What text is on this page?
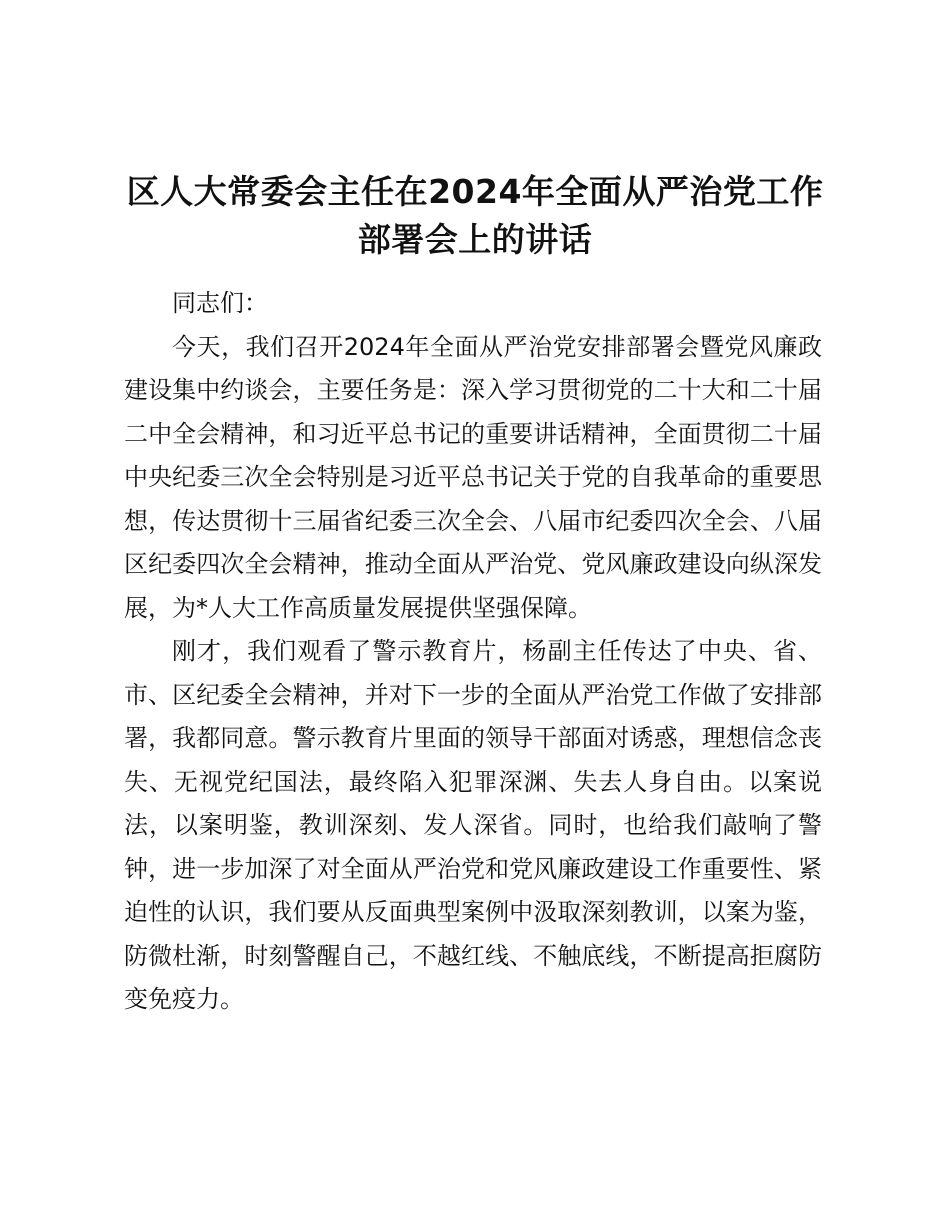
区人大常委会主任在2024年全面从严治党工作部署会上的讲话

同志们：

今天，我们召开2024年全面从严治党安排部署会暨党风廉政建设集中约谈会，主要任务是：深入学习贯彻党的二十大和二十届二中全会精神，和习近平总书记的重要讲话精神，全面贯彻二十届中央纪委三次全会特别是习近平总书记关于党的自我革命的重要思想，传达贯彻十三届省纪委三次全会、八届市纪委四次全会、八届区纪委四次全会精神，推动全面从严治党、党风廉政建设向纵深发展，为*人大工作高质量发展提供坚强保障。

刚才，我们观看了警示教育片，杨副主任传达了中央、省、市、区纪委全会精神，并对下一步的全面从严治党工作做了安排部署，我都同意。警示教育片里面的领导干部面对诱惑，理想信念丧失、无视党纪国法，最终陷入犯罪深渊、失去人身自由。以案说法，以案明鉴，教训深刻、发人深省。同时，也给我们敲响了警钟，进一步加深了对全面从严治党和党风廉政建设工作重要性、紧迫性的认识，我们要从反面典型案例中汲取深刻教训，以案为鉴，防微杜渐，时刻警醒自己，不越红线、不触底线，不断提高拒腐防变免疫力。
